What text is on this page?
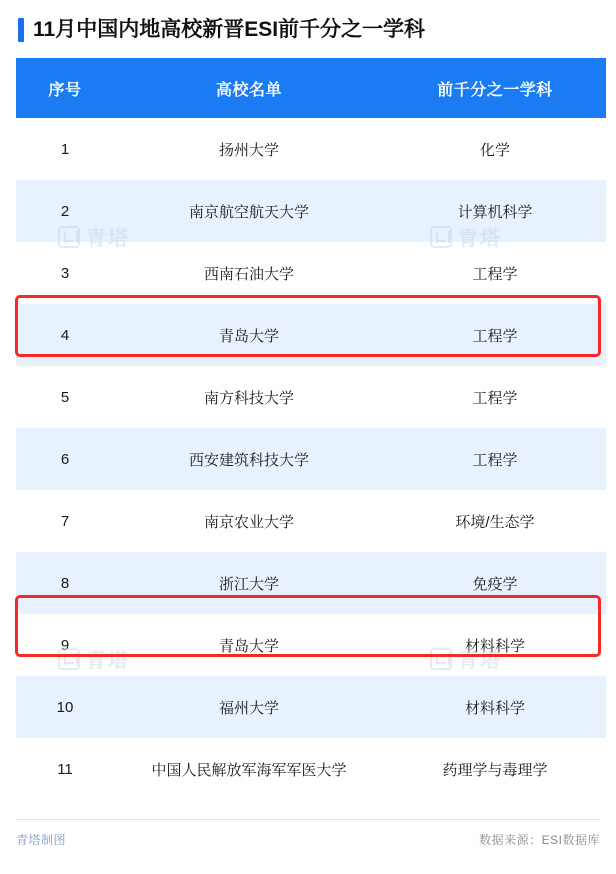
11月中国内地高校新晋ESI前千分之一学科
序号	高校名单	前千分之一学科
1	扬州大学	化学
2	南京航空航天大学	计算机科学
3	西南石油大学	工程学
4	青岛大学	工程学
5	南方科技大学	工程学
6	西安建筑科技大学	工程学
7	南京农业大学	环境/生态学
8	浙江大学	免疫学
9	青岛大学	材料科学
10	福州大学	材料科学
11	中国人民解放军海军军医大学	药理学与毒理学
青塔	青塔
青塔	青塔
青塔制图	数据来源：ESI数据库
